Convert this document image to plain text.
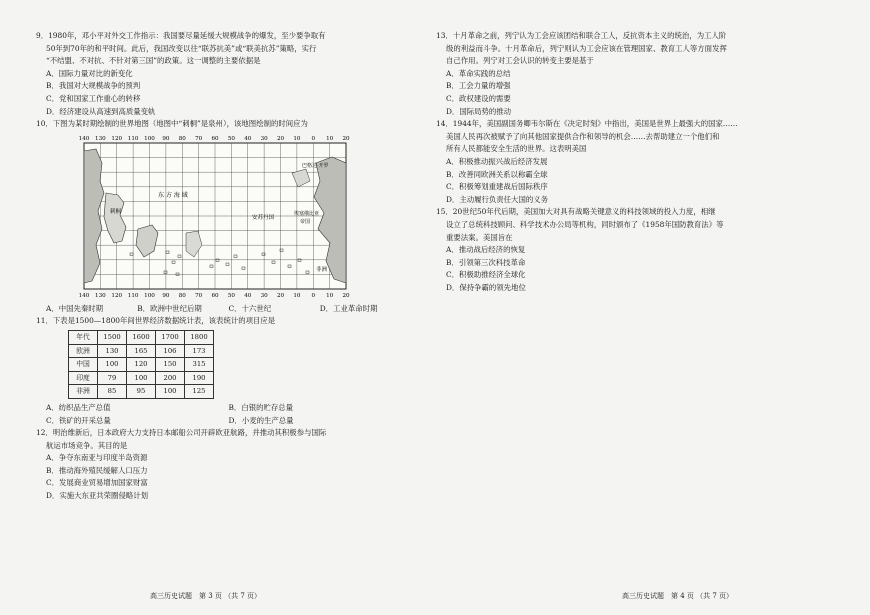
9．1980年，邓小平对外交工作指示：我国要尽量延缓大规模战争的爆发，至少要争取有

50年到70年的和平时间。此后，我国改变以往“联苏抗美”或“联美抗苏”策略，实行

“不结盟、不对抗、不针对第三国”的政策。这一调整的主要依据是

A．国际力量对比的新变化

B．我国对大规模战争的预判

C．党和国家工作重心的转移

D．经济建设从高速到高质量变轨

10．下图为某时期绘制的世界地图（地图中“刺桐”是泉州），该地图绘制的时间应为

140 130 120 110 100 90 80 70 60 50 40 30 20 10 0 10 20
140 130 120 110 100 90 80 70 60 50 40 30 20 10 0 10 20
东 方 海 域
刺桐
安苏丹国
巴格达·开罗
埃塞俄比亚
帝国
非洲
A．中国先秦时期	B．欧洲中世纪后期	C．十六世纪	D．工业革命时期

11．下表是1500—1800年间世界经济数据统计表，该表统计的项目应是

年代	1500	1600	1700	1800
欧洲	130	165	106	173
中国	100	120	150	315
印度	79	100	200	190
非洲	85	95	100	125
A．纺织品生产总值	B．白银的贮存总量
C．铁矿的开采总量	D．小麦的生产总量

12．明治维新后，日本政府大力支持日本邮船公司开辟欧亚航路，并推动其积极参与国际

航运市场竞争。其目的是

A．争夺东南亚与印度半岛资源

B．推动海外殖民缓解人口压力

C．发展商业贸易增加国家财富

D．实施大东亚共荣圈侵略计划

高三历史试题　第 3 页 （共 7 页）

13．十月革命之前，列宁认为工会应该团结和联合工人，反抗资本主义的统治，为工人阶

级的利益而斗争。十月革命后，列宁则认为工会应该在管理国家、教育工人等方面发挥

自己作用。列宁对工会认识的转变主要是基于

A．革命实践的总结

B．工会力量的增强

C．政权建设的需要

D．国际局势的推动

14．1944年，美国副国务卿韦尔斯在《决定时刻》中指出，美国是世界上最强大的国家……

美国人民再次被赋予了向其他国家提供合作和领导的机会……去帮助建立一个他们和

所有人民都能安全生活的世界。这表明美国

A．积极推动振兴战后经济发展

B．改善同欧洲关系以称霸全球

C．积极筹划重建战后国际秩序

D．主动履行负责任大国的义务

15．20世纪50年代后期，美国加大对具有战略关键意义的科技领域的投入力度，相继

设立了总统科技顾问、科学技术办公局等机构，同时颁布了《1958年国防教育法》等

重要法案。美国旨在

A．推动战后经济的恢复

B．引领第三次科技革命

C．积极助推经济全球化

D．保持争霸的领先地位

高三历史试题　第 4 页 （共 7 页）
